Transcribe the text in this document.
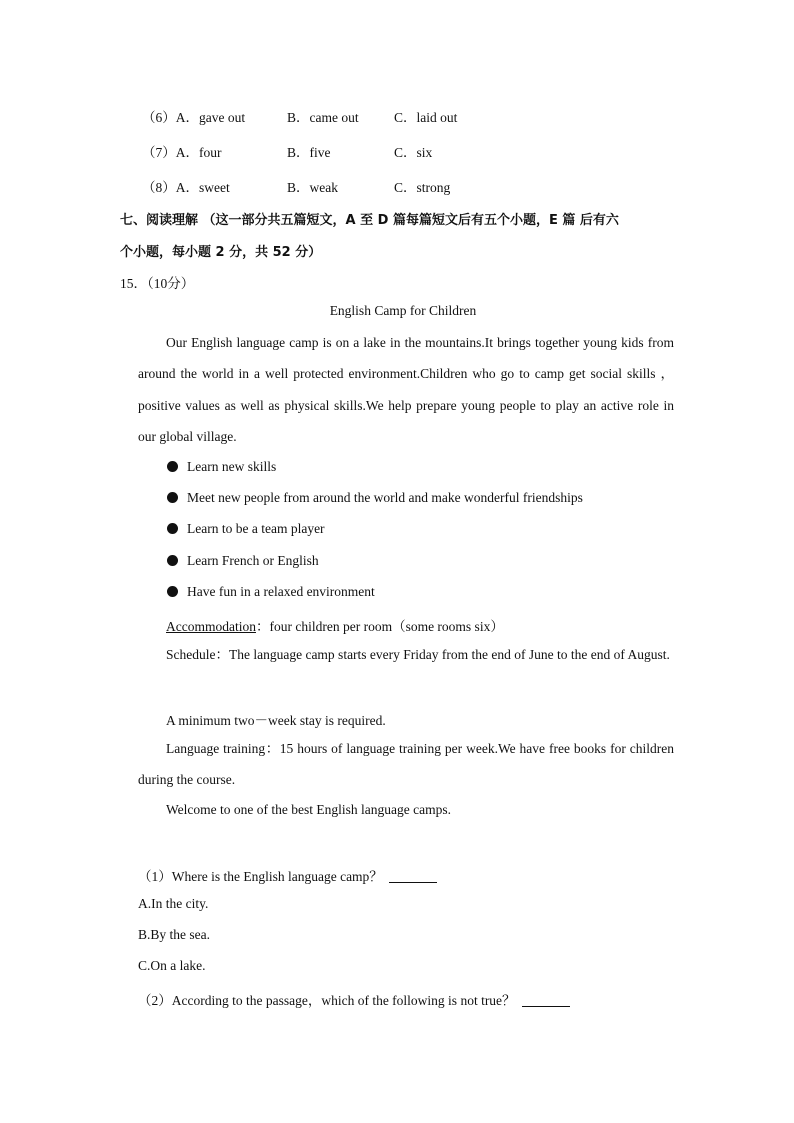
（6）A．gave out	B．came out	C．laid out
（7）A．four	B．five	C．six
（8）A．sweet	B．weak	C．strong
七、阅读理解 （这一部分共五篇短文，A 至 D 篇每篇短文后有五个小题，E 篇 后有六
个小题，每小题 2 分，共 52 分）
15．（10分）
English Camp for Children
Our English language camp is on a lake in the mountains.It brings together young kids from around the world in a well protected environment.Children who go to camp get social skills ，positive values as well as physical skills.We help prepare young people to play an active role in our global village.
Learn new skills
Meet new people from around the world and make wonderful friendships
Learn to be a team player
Learn French or English
Have fun in a relaxed environment
Accommodation：four children per room（some rooms six）
Schedule：The language camp starts every Friday from the end of June to the end of August.
A minimum two－week stay is required.
Language training：15 hours of language training per week.We have free books for children during the course.
Welcome to one of the best English language camps.
（1）Where is the English language camp？
A.In the city.
B.By the sea.
C.On a lake.
（2）According to the passage，which of the following is not true？
